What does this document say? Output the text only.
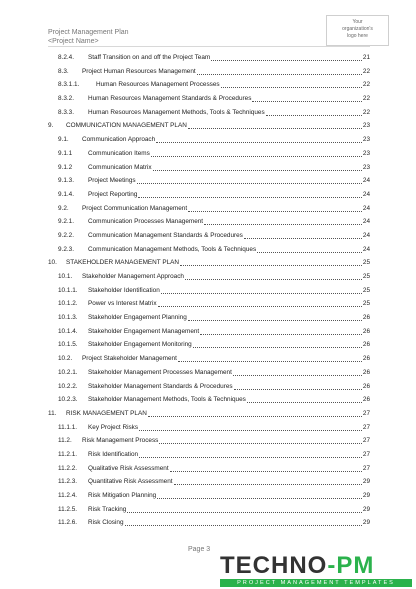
Project Management Plan
<Project Name>
Your
organization's
logo here
8.2.4. Staff Transition on and off the Project Team	21
8.3. Project Human Resources Management	22
8.3.1.1.	Human Resources Management Processes	22
8.3.2. Human Resources Management Standards & Procedures	22
8.3.3. Human Resources Management Methods, Tools & Techniques	22
9. COMMUNICATION MANAGEMENT PLAN	23
9.1. Communication Approach	23
9.1.1 Communication Items	23
9.1.2 Communication Matrix	23
9.1.3. Project Meetings	24
9.1.4. Project Reporting	24
9.2. Project Communication Management	24
9.2.1. Communication Processes Management	24
9.2.2. Communication Management Standards & Procedures	24
9.2.3. Communication Management Methods, Tools & Techniques	24
10. STAKEHOLDER MANAGEMENT PLAN	25
10.1. Stakeholder Management Approach	25
10.1.1. Stakeholder Identification	25
10.1.2. Power vs Interest Matrix	25
10.1.3. Stakeholder Engagement Planning	26
10.1.4. Stakeholder Engagement Management	26
10.1.5. Stakeholder Engagement Monitoring	26
10.2. Project Stakeholder Management	26
10.2.1. Stakeholder Management Processes Management	26
10.2.2. Stakeholder Management Standards & Procedures	26
10.2.3. Stakeholder Management Methods, Tools & Techniques	26
11. RISK MANAGEMENT PLAN	27
11.1.1. Key Project Risks	27
11.2. Risk Management Process	27
11.2.1. Risk Identification	27
11.2.2. Qualitative Risk Assessment	27
11.2.3. Quantitative Risk Assessment	29
11.2.4. Risk Mitigation Planning	29
11.2.5. Risk Tracking	29
11.2.6. Risk Closing	29
Page 3
TECHNO-PM
PROJECT MANAGEMENT TEMPLATES
